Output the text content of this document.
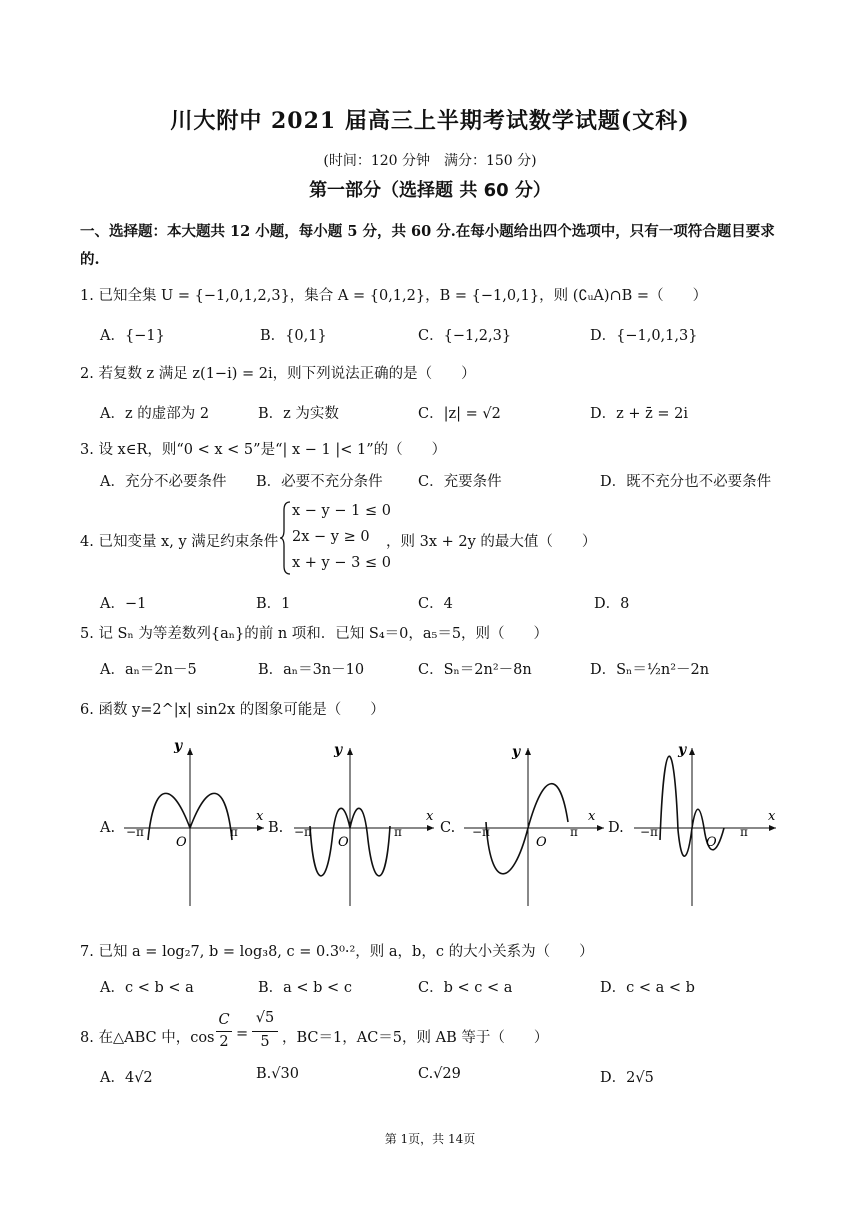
川大附中 2021 届高三上半期考试数学试题(文科)
(时间：120 分钟　满分：150 分)
第一部分（选择题 共 60 分）
一、选择题：本大题共 12 小题，每小题 5 分，共 60 分.在每小题给出四个选项中，只有一项符合题目要求的.
1. 已知全集 U = {−1,0,1,2,3}，集合 A = {0,1,2}，B = {−1,0,1}，则 (∁ᵤA)∩B =（　　）
A．{−1}	B．{0,1}	C．{−1,2,3}	D．{−1,0,1,3}
2. 若复数 z 满足 z(1−i) = 2i，则下列说法正确的是（　　）
A．z 的虚部为 2	B．z 为实数	C．|z| = √2	D．z + z̄ = 2i
3. 设 x∈R，则“0 < x < 5”是“| x − 1 |< 1”的（　　）
A．充分不必要条件 B．必要不充分条件 C．充要条件	D．既不充分也不必要条件
4. 已知变量 x, y 满足约束条件
x − y − 1 ≤ 0
2x − y ≥ 0
x + y − 3 ≤ 0
，则 3x + 2y 的最大值（　　）
A．−1	B．1	C．4	D．8
5. 记 Sₙ 为等差数列{aₙ}的前 n 项和．已知 S₄＝0，a₅＝5，则（　　）
A．aₙ＝2n－5	B．aₙ＝3n－10	C．Sₙ＝2n²－8n	D．Sₙ＝½n²－2n
6. 函数 y=2^|x| sin2x 的图象可能是（　　）
A.	B.	C.	D.
y
x
O
−π	π
y
x
O
−π	π
y
x
O
−π	π
y
x
O
−π	π
7. 已知 a = log₂7, b = log₃8, c = 0.3⁰·²，则 a，b，c 的大小关系为（　　）
A．c < b < a	B．a < b < c	C．b < c < a	D．c < a < b
8. 在△ABC 中，cos
C
2 =
√5
5 ，BC＝1，AC＝5，则 AB 等于（　　）
A．4√2	B.√30	C.√29	D．2√5
第 1页，共 14页
